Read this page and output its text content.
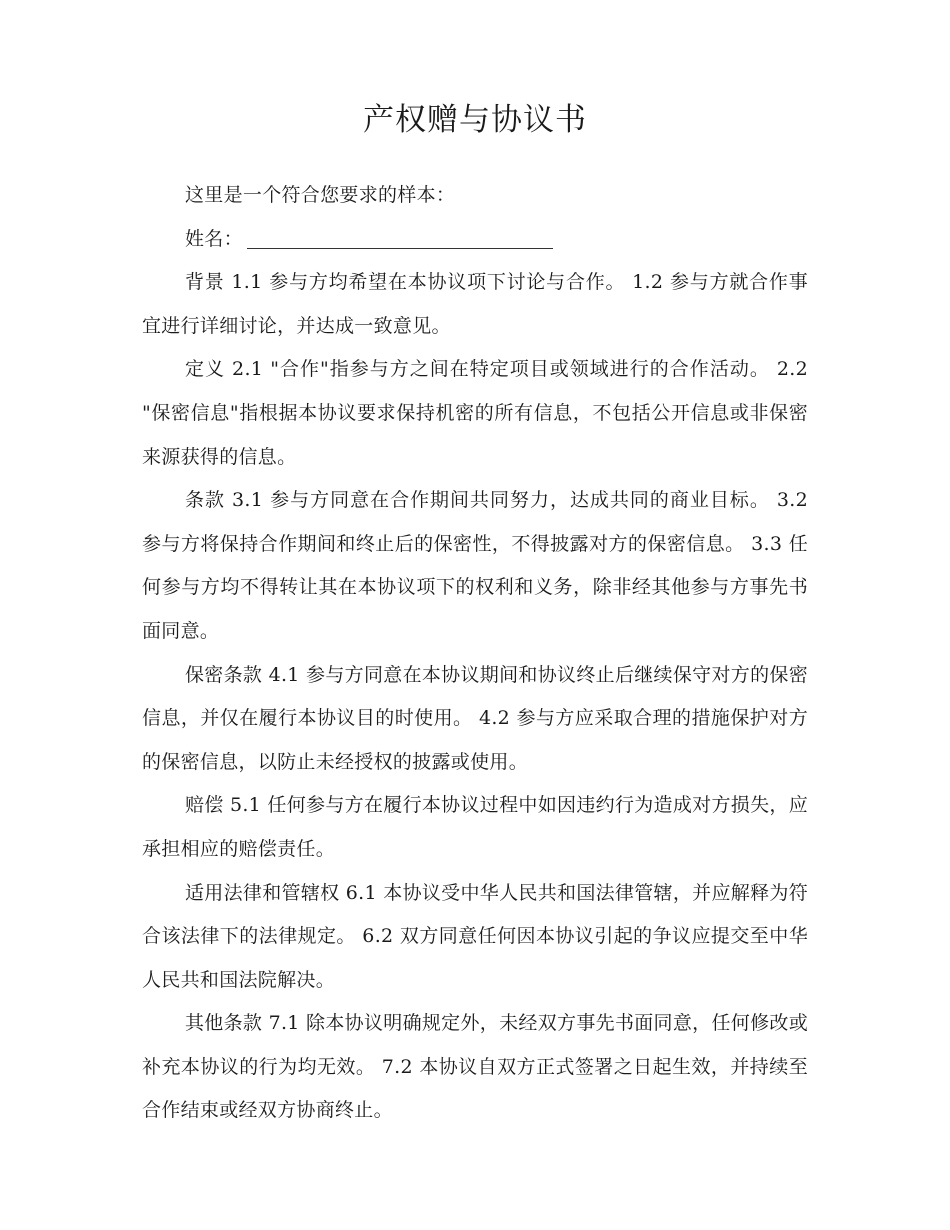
产权赠与协议书

这里是一个符合您要求的样本：

姓名：

背景 1.1 参与方均希望在本协议项下讨论与合作。 1.2 参与方就合作事宜进行详细讨论，并达成一致意见。

定义 2.1 "合作"指参与方之间在特定项目或领域进行的合作活动。 2.2 "保密信息"指根据本协议要求保持机密的所有信息，不包括公开信息或非保密来源获得的信息。

条款 3.1 参与方同意在合作期间共同努力，达成共同的商业目标。 3.2 参与方将保持合作期间和终止后的保密性，不得披露对方的保密信息。 3.3 任何参与方均不得转让其在本协议项下的权利和义务，除非经其他参与方事先书面同意。

保密条款 4.1 参与方同意在本协议期间和协议终止后继续保守对方的保密信息，并仅在履行本协议目的时使用。 4.2 参与方应采取合理的措施保护对方的保密信息，以防止未经授权的披露或使用。

赔偿 5.1 任何参与方在履行本协议过程中如因违约行为造成对方损失，应承担相应的赔偿责任。

适用法律和管辖权 6.1 本协议受中华人民共和国法律管辖，并应解释为符合该法律下的法律规定。 6.2 双方同意任何因本协议引起的争议应提交至中华人民共和国法院解决。

其他条款 7.1 除本协议明确规定外，未经双方事先书面同意，任何修改或补充本协议的行为均无效。 7.2 本协议自双方正式签署之日起生效，并持续至合作结束或经双方协商终止。
